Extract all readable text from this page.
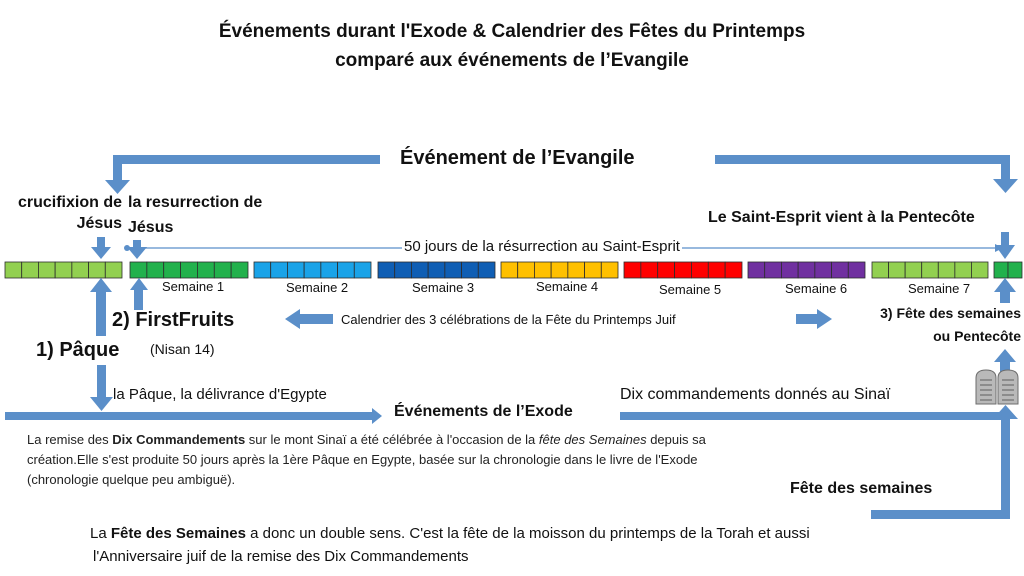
Événements durant l'Exode & Calendrier des Fêtes du Printemps
comparé aux événements de l’Evangile
Événement de l’Evangile
crucifixion de
Jésus
la resurrection de
Jésus
Le Saint-Esprit vient à la Pentecôte
50 jours de la résurrection au Saint-Esprit
Semaine 1	Semaine 2	Semaine 3	Semaine 4	Semaine 5	Semaine 6	Semaine 7
2) FirstFruits
(Nisan 14)
1) Pâque
Calendrier des 3 célébrations de la Fête du Printemps Juif	3) Fête des semaines
ou Pentecôte
la Pâque, la délivrance d'Egypte
Événements de l’Exode
Dix commandements donnés au Sinaï
Fête des semaines
La remise des Dix Commandements sur le mont Sinaï a été célébrée à l'occasion de la fête des Semaines depuis sa création.Elle s'est produite 50 jours après la 1ère Pâque en Egypte, basée sur la chronologie dans le livre de l'Exode (chronologie quelque peu ambiguë).
La Fête des Semaines a donc un double sens. C'est la fête de la moisson du printemps de la Torah et aussi
l'Anniversaire juif de la remise des Dix Commandements
